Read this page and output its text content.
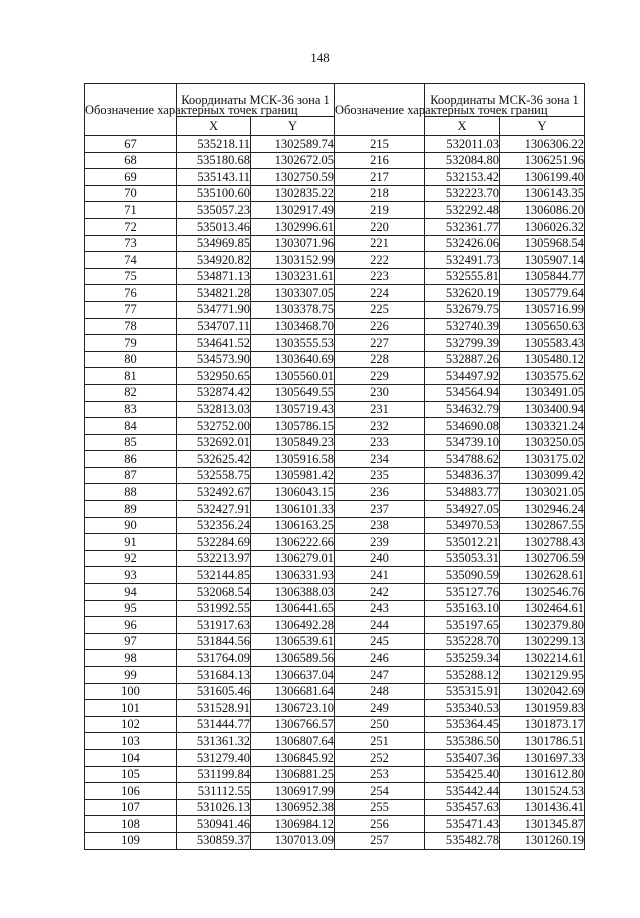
148
Обозначение характерных точек границ	Координаты МСК-36 зона 1		Обозначение характерных точек границ	Координаты МСК-36 зона 1	
	X	Y		X	Y
67	535218.11	1302589.74	215	532011.03	1306306.22
68	535180.68	1302672.05	216	532084.80	1306251.96
69	535143.11	1302750.59	217	532153.42	1306199.40
70	535100.60	1302835.22	218	532223.70	1306143.35
71	535057.23	1302917.49	219	532292.48	1306086.20
72	535013.46	1302996.61	220	532361.77	1306026.32
73	534969.85	1303071.96	221	532426.06	1305968.54
74	534920.82	1303152.99	222	532491.73	1305907.14
75	534871.13	1303231.61	223	532555.81	1305844.77
76	534821.28	1303307.05	224	532620.19	1305779.64
77	534771.90	1303378.75	225	532679.75	1305716.99
78	534707.11	1303468.70	226	532740.39	1305650.63
79	534641.52	1303555.53	227	532799.39	1305583.43
80	534573.90	1303640.69	228	532887.26	1305480.12
81	532950.65	1305560.01	229	534497.92	1303575.62
82	532874.42	1305649.55	230	534564.94	1303491.05
83	532813.03	1305719.43	231	534632.79	1303400.94
84	532752.00	1305786.15	232	534690.08	1303321.24
85	532692.01	1305849.23	233	534739.10	1303250.05
86	532625.42	1305916.58	234	534788.62	1303175.02
87	532558.75	1305981.42	235	534836.37	1303099.42
88	532492.67	1306043.15	236	534883.77	1303021.05
89	532427.91	1306101.33	237	534927.05	1302946.24
90	532356.24	1306163.25	238	534970.53	1302867.55
91	532284.69	1306222.66	239	535012.21	1302788.43
92	532213.97	1306279.01	240	535053.31	1302706.59
93	532144.85	1306331.93	241	535090.59	1302628.61
94	532068.54	1306388.03	242	535127.76	1302546.76
95	531992.55	1306441.65	243	535163.10	1302464.61
96	531917.63	1306492.28	244	535197.65	1302379.80
97	531844.56	1306539.61	245	535228.70	1302299.13
98	531764.09	1306589.56	246	535259.34	1302214.61
99	531684.13	1306637.04	247	535288.12	1302129.95
100	531605.46	1306681.64	248	535315.91	1302042.69
101	531528.91	1306723.10	249	535340.53	1301959.83
102	531444.77	1306766.57	250	535364.45	1301873.17
103	531361.32	1306807.64	251	535386.50	1301786.51
104	531279.40	1306845.92	252	535407.36	1301697.33
105	531199.84	1306881.25	253	535425.40	1301612.80
106	531112.55	1306917.99	254	535442.44	1301524.53
107	531026.13	1306952.38	255	535457.63	1301436.41
108	530941.46	1306984.12	256	535471.43	1301345.87
109	530859.37	1307013.09	257	535482.78	1301260.19
